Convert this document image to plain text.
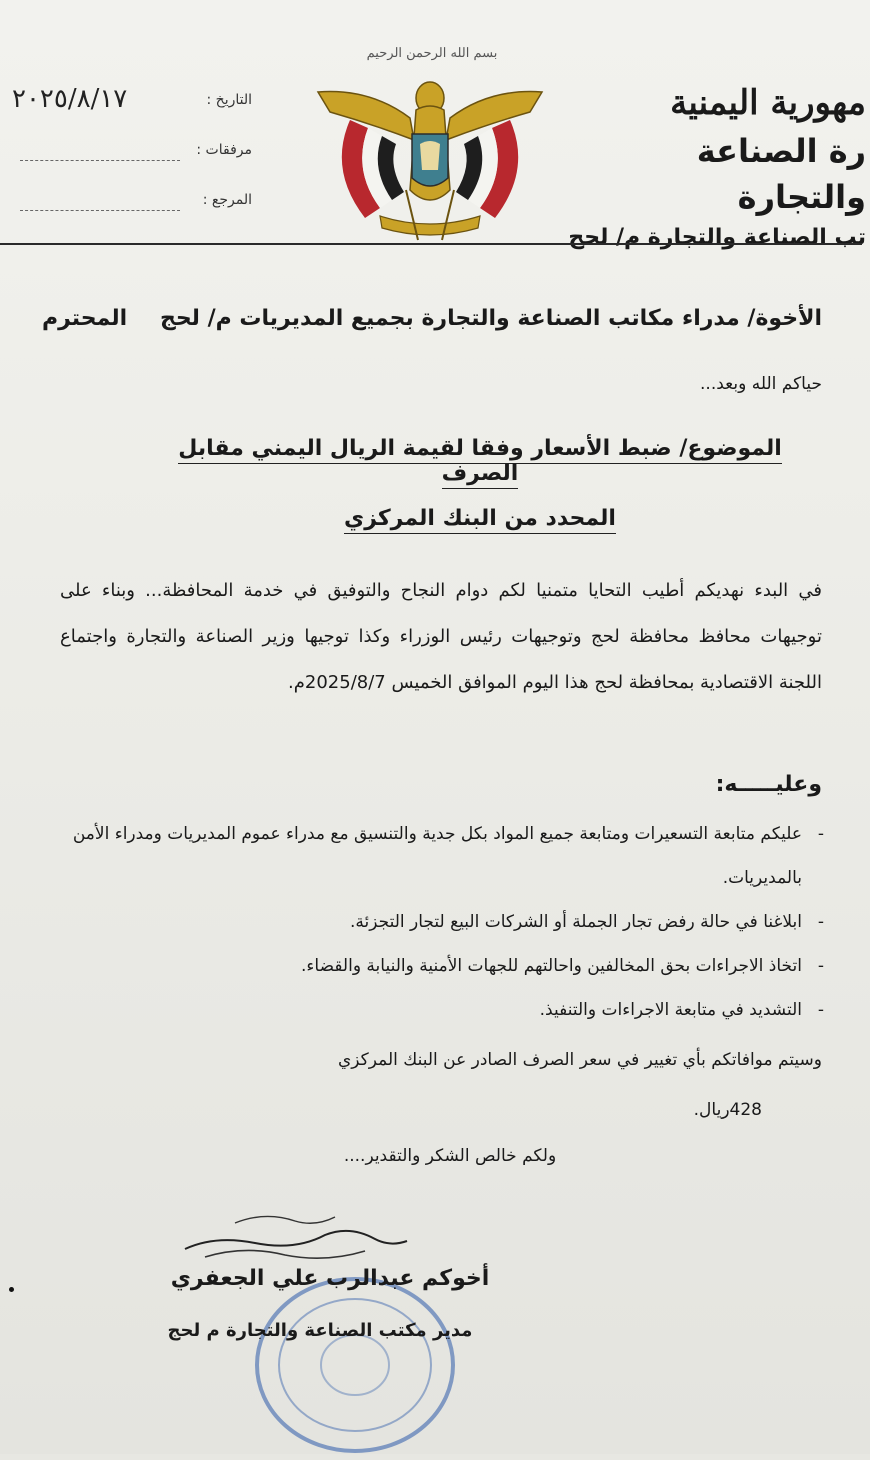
مهورية اليمنية
رة الصناعة والتجارة
تب الصناعة والتجارة م/ لحج
بسم الله الرحمن الرحيم
التاريخ :
٢٠٢٥/٨/١٧
مرفقات :
المرجع :
الأخوة/ مدراء مكاتب الصناعة والتجارة بجميع المديريات م/ لحج
المحترم
حياكم الله وبعد...
الموضوع/ ضبط الأسعار وفقا لقيمة الريال اليمني مقابل الصرف
المحدد من البنك المركزي
في البدء نهديكم أطيب التحايا متمنيا لكم دوام النجاح والتوفيق في خدمة المحافظة... وبناء على توجيهات محافظ محافظة لحج وتوجيهات رئيس الوزراء وكذا توجيها وزير الصناعة والتجارة واجتماع اللجنة الاقتصادية بمحافظة لحج هذا اليوم الموافق الخميس 2025/8/7م.
وعليـــــه:
- عليكم متابعة التسعيرات ومتابعة جميع المواد بكل جدية والتنسيق مع مدراء عموم المديريات ومدراء الأمن بالمديريات.
- ابلاغنا في حالة رفض تجار الجملة أو الشركات البيع لتجار التجزئة.
- اتخاذ الاجراءات بحق المخالفين واحالتهم للجهات الأمنية والنيابة والقضاء.
- التشديد في متابعة الاجراءات والتنفيذ.
وسيتم موافاتكم بأي تغيير في سعر الصرف الصادر عن البنك المركزي
428ريال.
ولكم خالص الشكر والتقدير....
أخوكم عبدالرب علي الجعفري
مدير مكتب الصناعة والتجارة م لحج
